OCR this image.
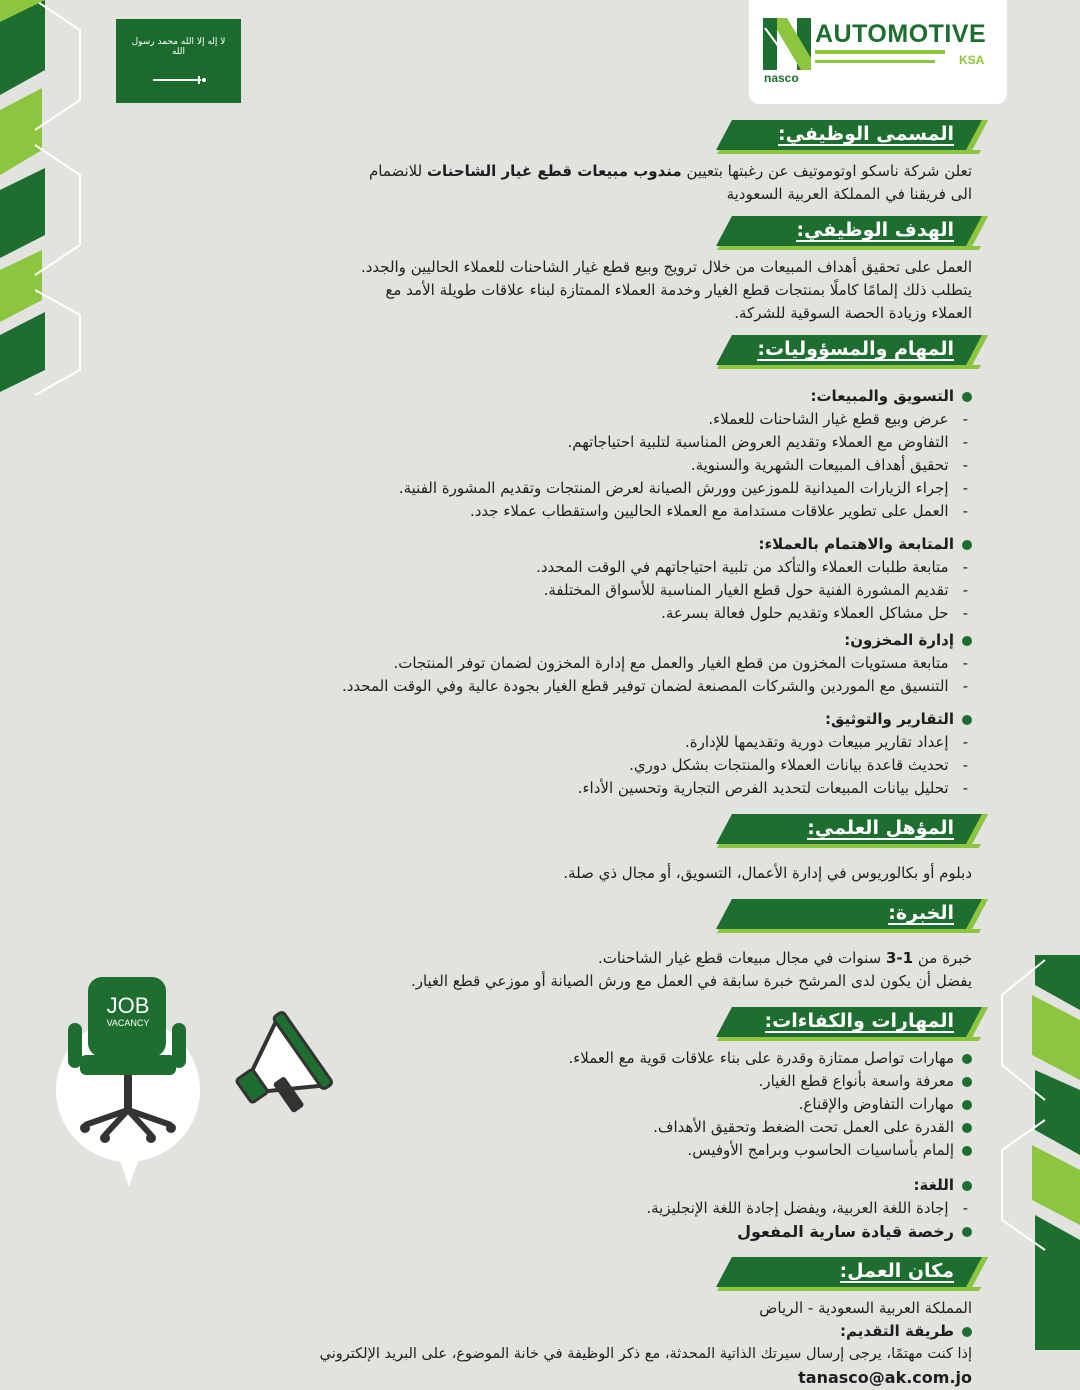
nasco
AUTOMOTIVE
KSA
لا إله إلا الله محمد رسول الله
JOB
VACANCY
المسمى الوظيفي:

تعلن شركة ناسكو اوتوموتيف عن رغبتها بتعيين مندوب مبيعات قطع غيار الشاحنات للانضمام

الى فريقنا في المملكة العربية السعودية

الهدف الوظيفي:

العمل على تحقيق أهداف المبيعات من خلال ترويج وبيع قطع غيار الشاحنات للعملاء الحاليين والجدد.

يتطلب ذلك إلمامًا كاملًا بمنتجات قطع الغيار وخدمة العملاء الممتازة لبناء علاقات طويلة الأمد مع

العملاء وزيادة الحصة السوقية للشركة.

المهام والمسؤوليات:
التسويق والمبيعات:
- عرض وبيع قطع غيار الشاحنات للعملاء.
- التفاوض مع العملاء وتقديم العروض المناسبة لتلبية احتياجاتهم.
- تحقيق أهداف المبيعات الشهرية والسنوية.
- إجراء الزيارات الميدانية للموزعين وورش الصيانة لعرض المنتجات وتقديم المشورة الفنية.
- العمل على تطوير علاقات مستدامة مع العملاء الحاليين واستقطاب عملاء جدد.
المتابعة والاهتمام بالعملاء:
- متابعة طلبات العملاء والتأكد من تلبية احتياجاتهم في الوقت المحدد.
- تقديم المشورة الفنية حول قطع الغيار المناسبة للأسواق المختلفة.
- حل مشاكل العملاء وتقديم حلول فعالة بسرعة.
إدارة المخزون:
- متابعة مستويات المخزون من قطع الغيار والعمل مع إدارة المخزون لضمان توفر المنتجات.
- التنسيق مع الموردين والشركات المصنعة لضمان توفير قطع الغيار بجودة عالية وفي الوقت المحدد.
التقارير والتوثيق:
- إعداد تقارير مبيعات دورية وتقديمها للإدارة.
- تحديث قاعدة بيانات العملاء والمنتجات بشكل دوري.
- تحليل بيانات المبيعات لتحديد الفرص التجارية وتحسين الأداء.
المؤهل العلمي:

دبلوم أو بكالوريوس في إدارة الأعمال، التسويق، أو مجال ذي صلة.

الخبرة:

خبرة من 1-3 سنوات في مجال مبيعات قطع غيار الشاحنات.

يفضل أن يكون لدى المرشح خبرة سابقة في العمل مع ورش الصيانة أو موزعي قطع الغيار.

المهارات والكفاءات:
مهارات تواصل ممتازة وقدرة على بناء علاقات قوية مع العملاء.
معرفة واسعة بأنواع قطع الغيار.
مهارات التفاوض والإقناع.
القدرة على العمل تحت الضغط وتحقيق الأهداف.
إلمام بأساسيات الحاسوب وبرامج الأوفيس.
اللغة:
- إجادة اللغة العربية، ويفضل إجادة اللغة الإنجليزية.
رخصة قيادة سارية المفعول
مكان العمل:

المملكة العربية السعودية - الرياض

طريقة التقديم:

إذا كنت مهتمًا، يرجى إرسال سيرتك الذاتية المحدثة، مع ذكر الوظيفة في خانة الموضوع، على البريد الإلكتروني

tanasco@ak.com.jo
